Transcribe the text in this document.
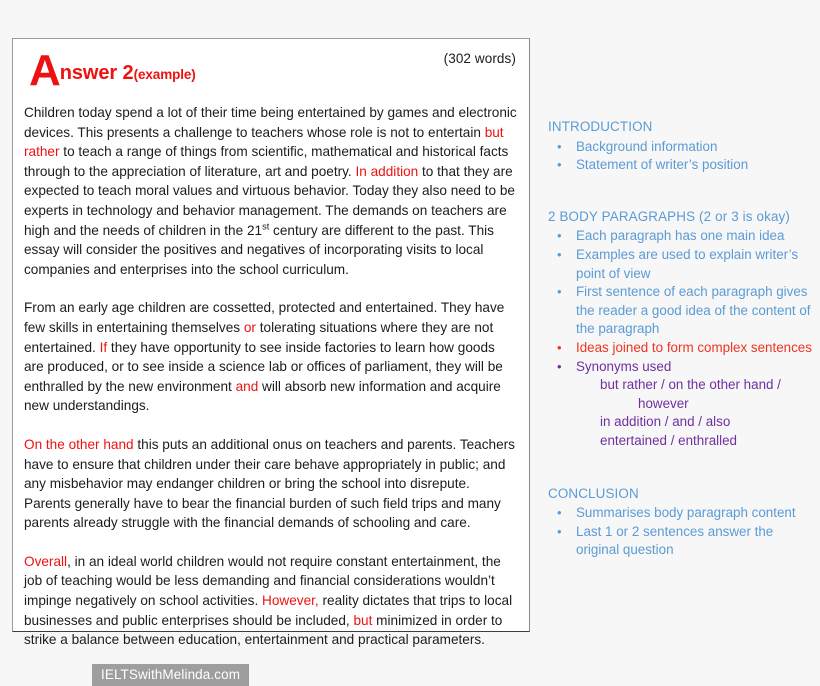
(302 words)
Answer 2(example)

Children today spend a lot of their time being entertained by games and electronic devices. This presents a challenge to teachers whose role is not to entertain but rather to teach a range of things from scientific, mathematical and historical facts through to the appreciation of literature, art and poetry. In addition to that they are expected to teach moral values and virtuous behavior. Today they also need to be experts in technology and behavior management. The demands on teachers are high and the needs of children in the 21st century are different to the past. This essay will consider the positives and negatives of incorporating visits to local companies and enterprises into the school curriculum.

From an early age children are cossetted, protected and entertained. They have few skills in entertaining themselves or tolerating situations where they are not entertained. If they have opportunity to see inside factories to learn how goods are produced, or to see inside a science lab or offices of parliament, they will be enthralled by the new environment and will absorb new information and acquire new understandings.

On the other hand this puts an additional onus on teachers and parents. Teachers have to ensure that children under their care behave appropriately in public; and any misbehavior may endanger children or bring the school into disrepute. Parents generally have to bear the financial burden of such field trips and many parents already struggle with the financial demands of schooling and care.

Overall, in an ideal world children would not require constant entertainment, the job of teaching would be less demanding and financial considerations wouldn’t impinge negatively on school activities. However, reality dictates that trips to local businesses and public enterprises should be included, but minimized in order to strike a balance between education, entertainment and practical parameters.

IELTSwithMelinda.com
INTRODUCTION
• Background information
• Statement of writer’s position
2 BODY PARAGRAPHS (2 or 3 is okay)
• Each paragraph has one main idea
• Examples are used to explain writer’s point of view
• First sentence of each paragraph gives the reader a good idea of the content of the paragraph
• Ideas joined to form complex sentences
• Synonyms used
but rather / on the other hand /
however
in addition / and / also
entertained / enthralled
CONCLUSION
• Summarises body paragraph content
• Last 1 or 2 sentences answer the original question
